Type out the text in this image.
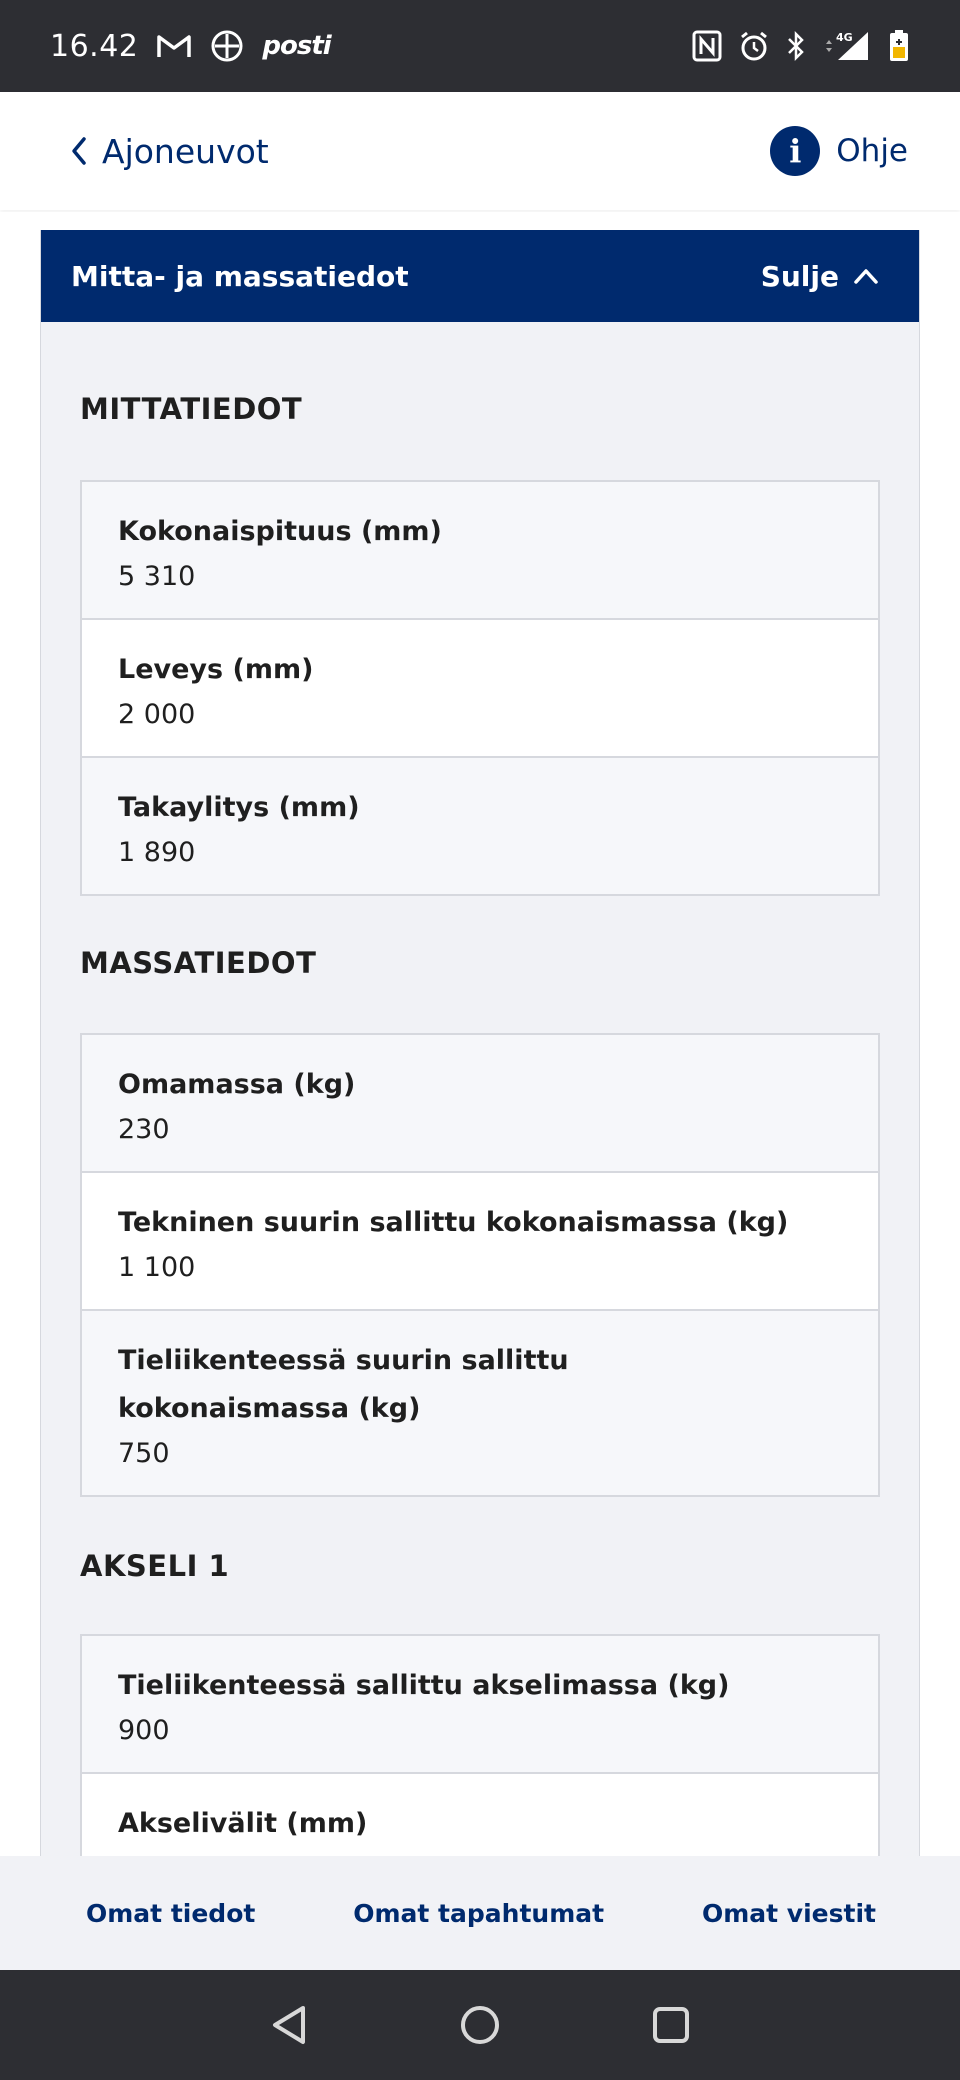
16.42	posti	4G
Ajoneuvot	i	Ohje
Mitta- ja massatiedot	Sulje
MITTATIEDOT
Kokonaispituus (mm)
5 310
Leveys (mm)
2 000
Takaylitys (mm)
1 890
MASSATIEDOT
Omamassa (kg)
230
Tekninen suurin sallittu kokonaismassa (kg)
1 100
Tieliikenteessä suurin sallittu kokonaismassa (kg)
750
AKSELI 1
Tieliikenteessä sallittu akselimassa (kg)
900
Akselivälit (mm)
Omat tiedot	Omat tapahtumat	Omat viestit
